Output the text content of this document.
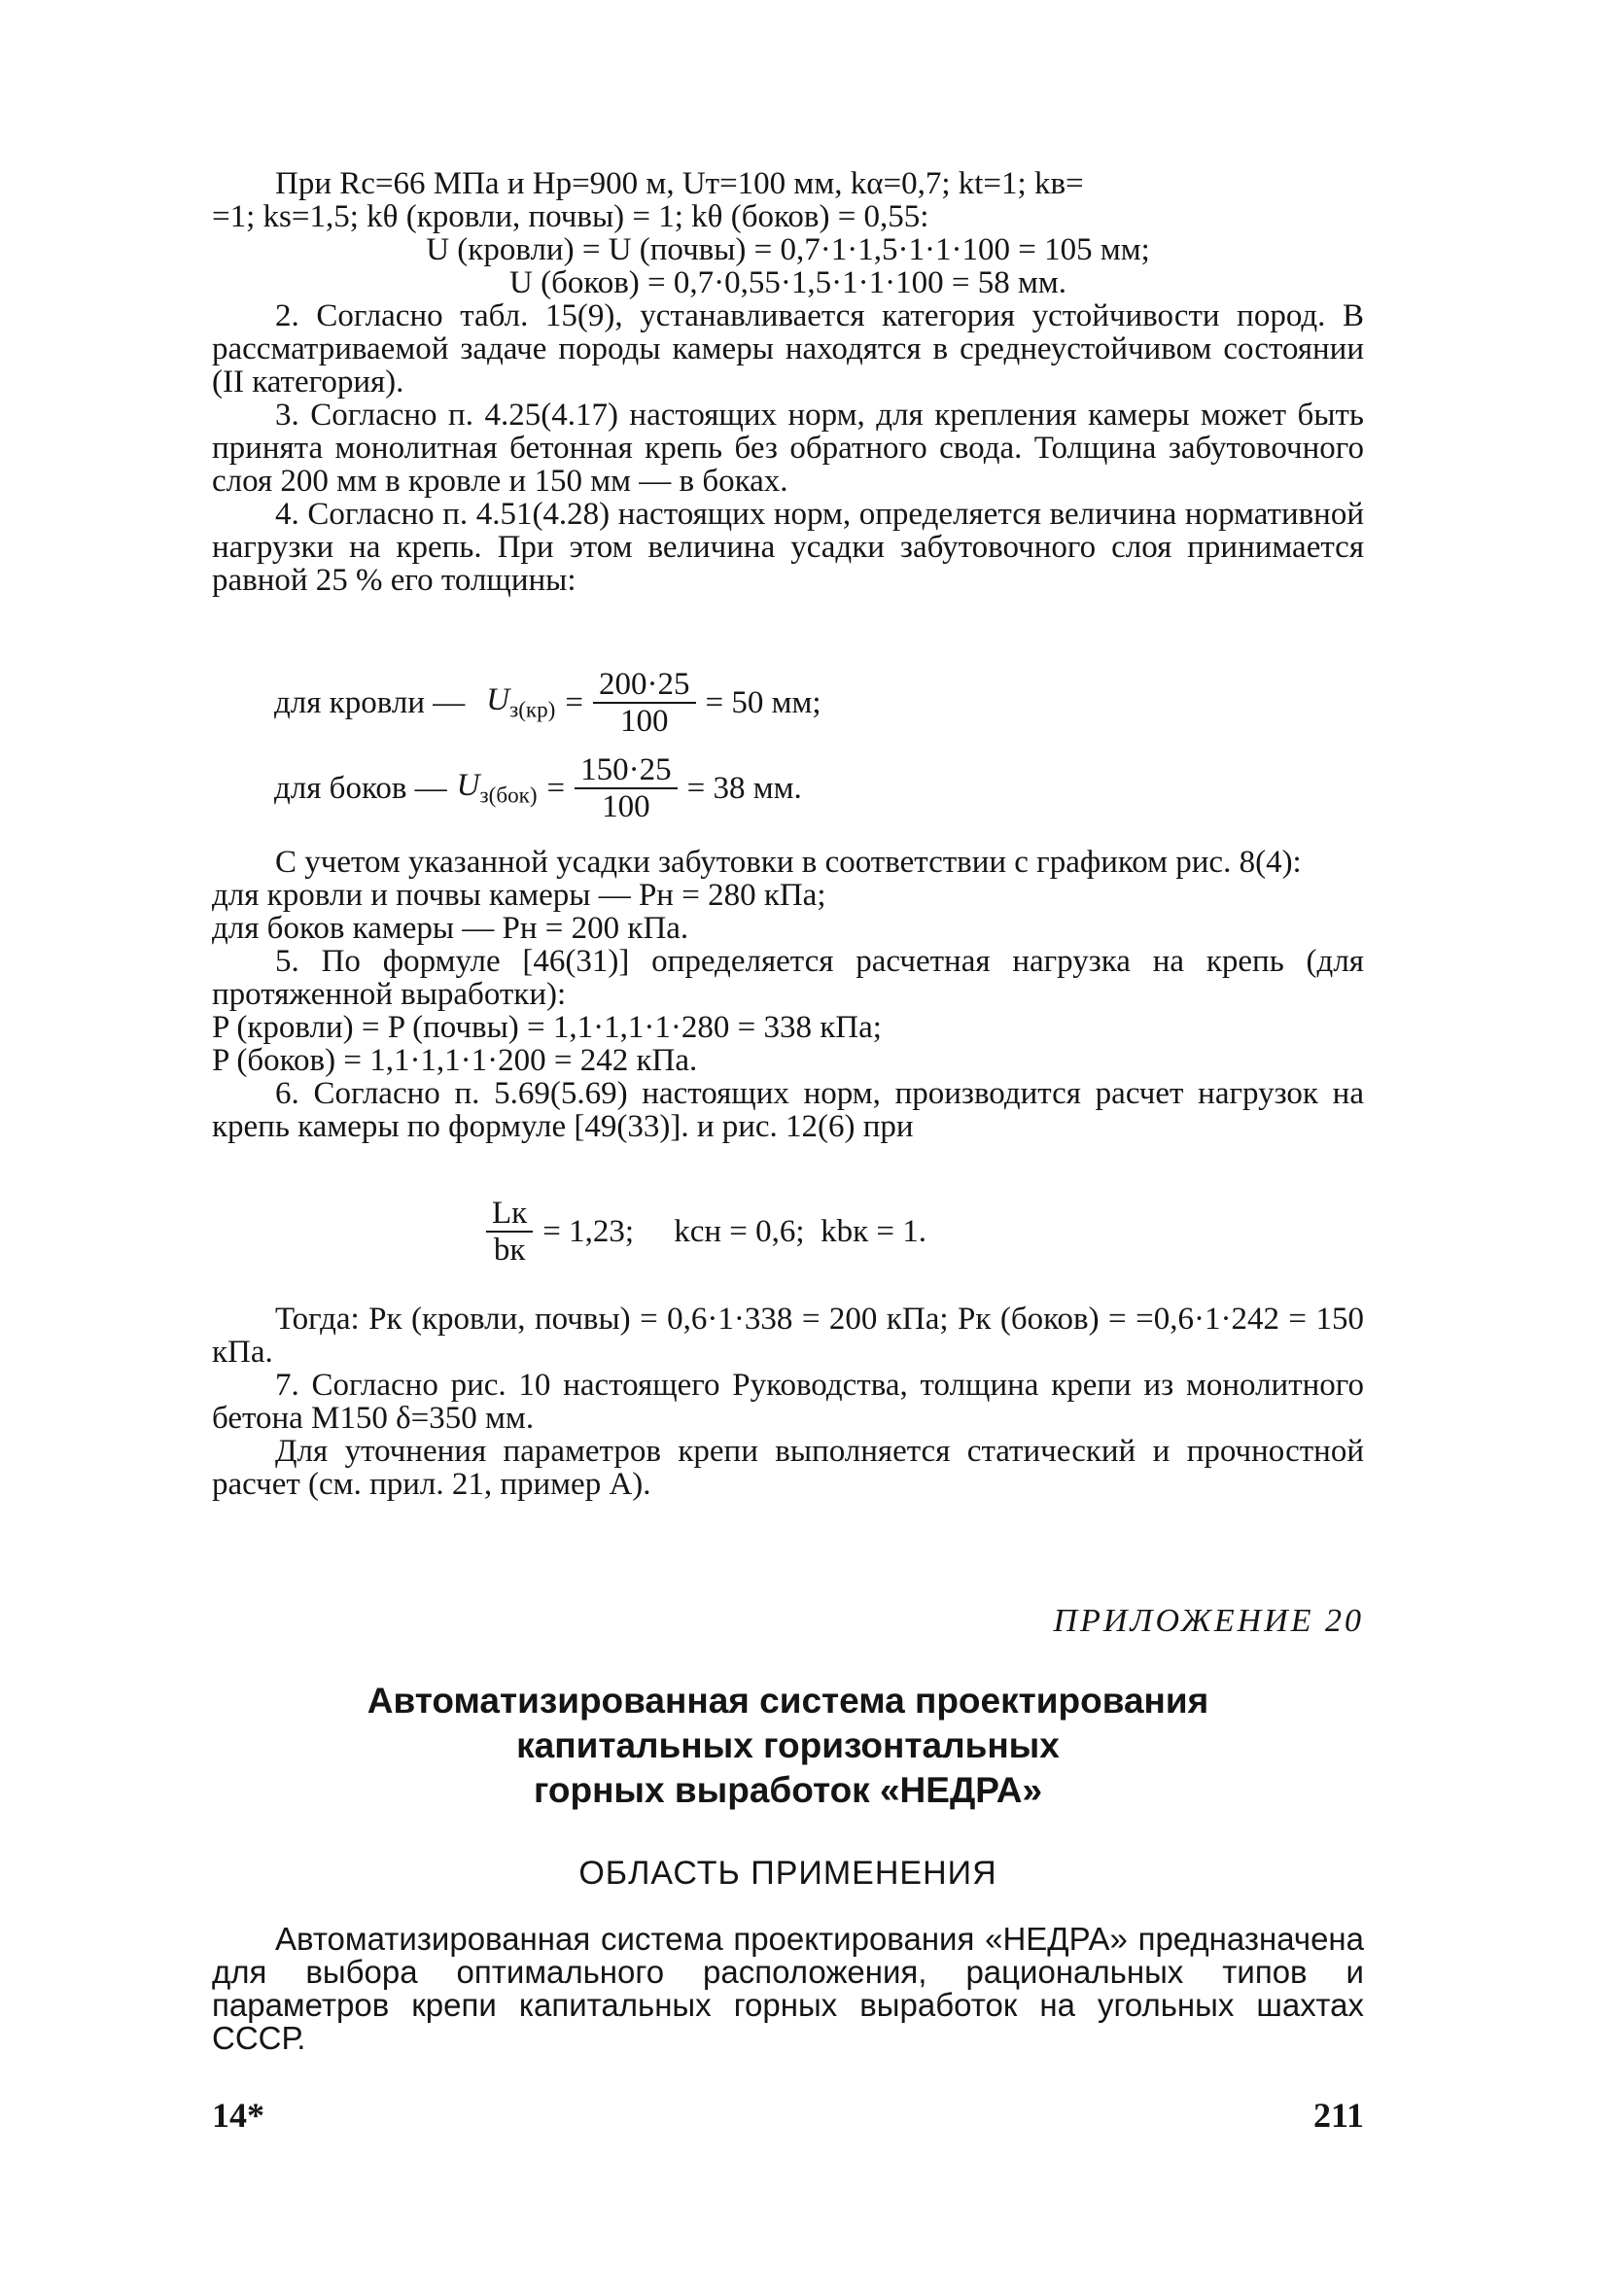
При Rс=66 МПа и Hр=900 м, Uт=100 мм, kα=0,7; kt=1; kв=

=1; ks=1,5; kθ (кровли, почвы) = 1; kθ (боков) = 0,55:

U (кровли) = U (почвы) = 0,7·1·1,5·1·1·100 = 105 мм;

U (боков) = 0,7·0,55·1,5·1·1·100 = 58 мм.

2. Согласно табл. 15(9), устанавливается категория устойчивости пород. В рассматриваемой задаче породы камеры находятся в среднеустойчивом состоянии (II категория).

3. Согласно п. 4.25(4.17) настоящих норм, для крепления камеры может быть принята монолитная бетонная крепь без обратного свода. Толщина забутовочного слоя 200 мм в кровле и 150 мм — в боках.

4. Согласно п. 4.51(4.28) настоящих норм, определяется величина нормативной нагрузки на крепь. При этом величина усадки забутовочного слоя принимается равной 25 % его толщины:

для кровли — $U_{з(кр)} = \frac{200\cdot 25}{100} = 50$ мм;
для боков — $U_{з(бок)} = \frac{150\cdot 25}{100} = 38$ мм.

С учетом указанной усадки забутовки в соответствии с графиком рис. 8(4):

для кровли и почвы камеры — Pн = 280 кПа;

для боков камеры — Pн = 200 кПа.

5. По формуле [46(31)] определяется расчетная нагрузка на крепь (для протяженной выработки):

P (кровли) = P (почвы) = 1,1·1,1·1·280 = 338 кПа;

P (боков) = 1,1·1,1·1·200 = 242 кПа.

6. Согласно п. 5.69(5.69) настоящих норм, производится расчет нагрузок на крепь камеры по формуле [49(33)]. и рис. 12(6) при

$\frac{Lк}{bк} = 1,23$;     kсн = 0,6;  kbк = 1.

Тогда: Pк (кровли, почвы) = 0,6·1·338 = 200 кПа; Pк (боков) = =0,6·1·242 = 150 кПа.

7. Согласно рис. 10 настоящего Руководства, толщина крепи из монолитного бетона М150 δ=350 мм.

Для уточнения параметров крепи выполняется статический и прочностной расчет (см. прил. 21, пример А).

ПРИЛОЖЕНИЕ 20
Автоматизированная система проектирования
капитальных горизонтальных
горных выработок «НЕДРА»
ОБЛАСТЬ ПРИМЕНЕНИЯ

Автоматизированная система проектирования «НЕДРА» предназначена для выбора оптимального расположения, рациональных типов и параметров крепи капитальных горных выработок на угольных шахтах СССР.

14*	211
